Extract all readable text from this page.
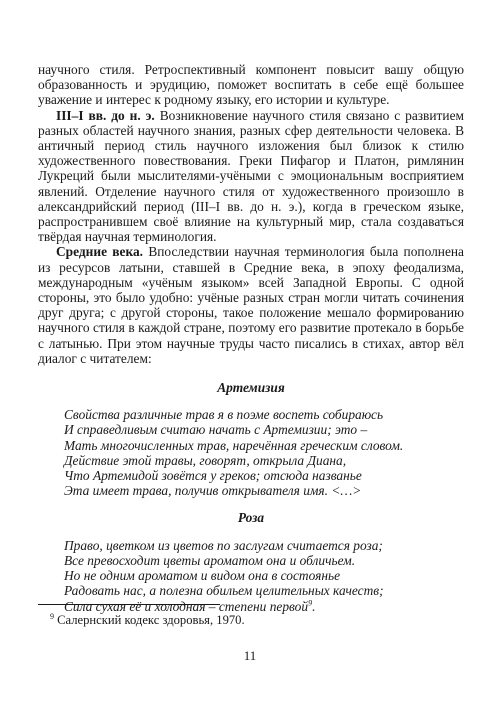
научного стиля. Ретроспективный компонент повысит вашу общую образованность и эрудицию, поможет воспитать в себе ещё большее уважение и интерес к родному языку, его истории и культуре.

III–I вв. до н. э. Возникновение научного стиля связано с развитием разных областей научного знания, разных сфер деятельности человека. В античный период стиль научного изложения был близок к стилю художественного повествования. Греки Пифагор и Платон, римлянин Лукреций были мыслителями-учёными с эмоциональным восприятием явлений. Отделение научного стиля от художественного произошло в александрийский период (III–I вв. до н. э.), когда в греческом языке, распространившем своё влияние на культурный мир, стала создаваться твёрдая научная терминология.

Средние века. Впоследствии научная терминология была пополнена из ресурсов латыни, ставшей в Средние века, в эпоху феодализма, международным «учёным языком» всей Западной Европы. С одной стороны, это было удобно: учёные разных стран могли читать сочинения друг друга; с другой стороны, такое положение мешало формированию научного стиля в каждой стране, поэтому его развитие протекало в борьбе с латынью. При этом научные труды часто писались в стихах, автор вёл диалог с читателем:

Артемизия
Свойства различные трав я в поэме воспеть собираюсь
И справедливым считаю начать с Артемизии; это –
Мать многочисленных трав, наречённая греческим словом.
Действие этой травы, говорят, открыла Диана,
Что Артемидой зовётся у греков; отсюда названье
Эта имеет трава, получив открывателя имя. <…>
Роза
Право, цветком из цветов по заслугам считается роза;
Все превосходит цветы ароматом она и обличьем.
Но не одним ароматом и видом она в состоянье
Радовать нас, а полезна обильем целительных качеств;
Сила сухая её и холодная – степени первой$^9$.
$^9$ Салернский кодекс здоровья, 1970.
11
